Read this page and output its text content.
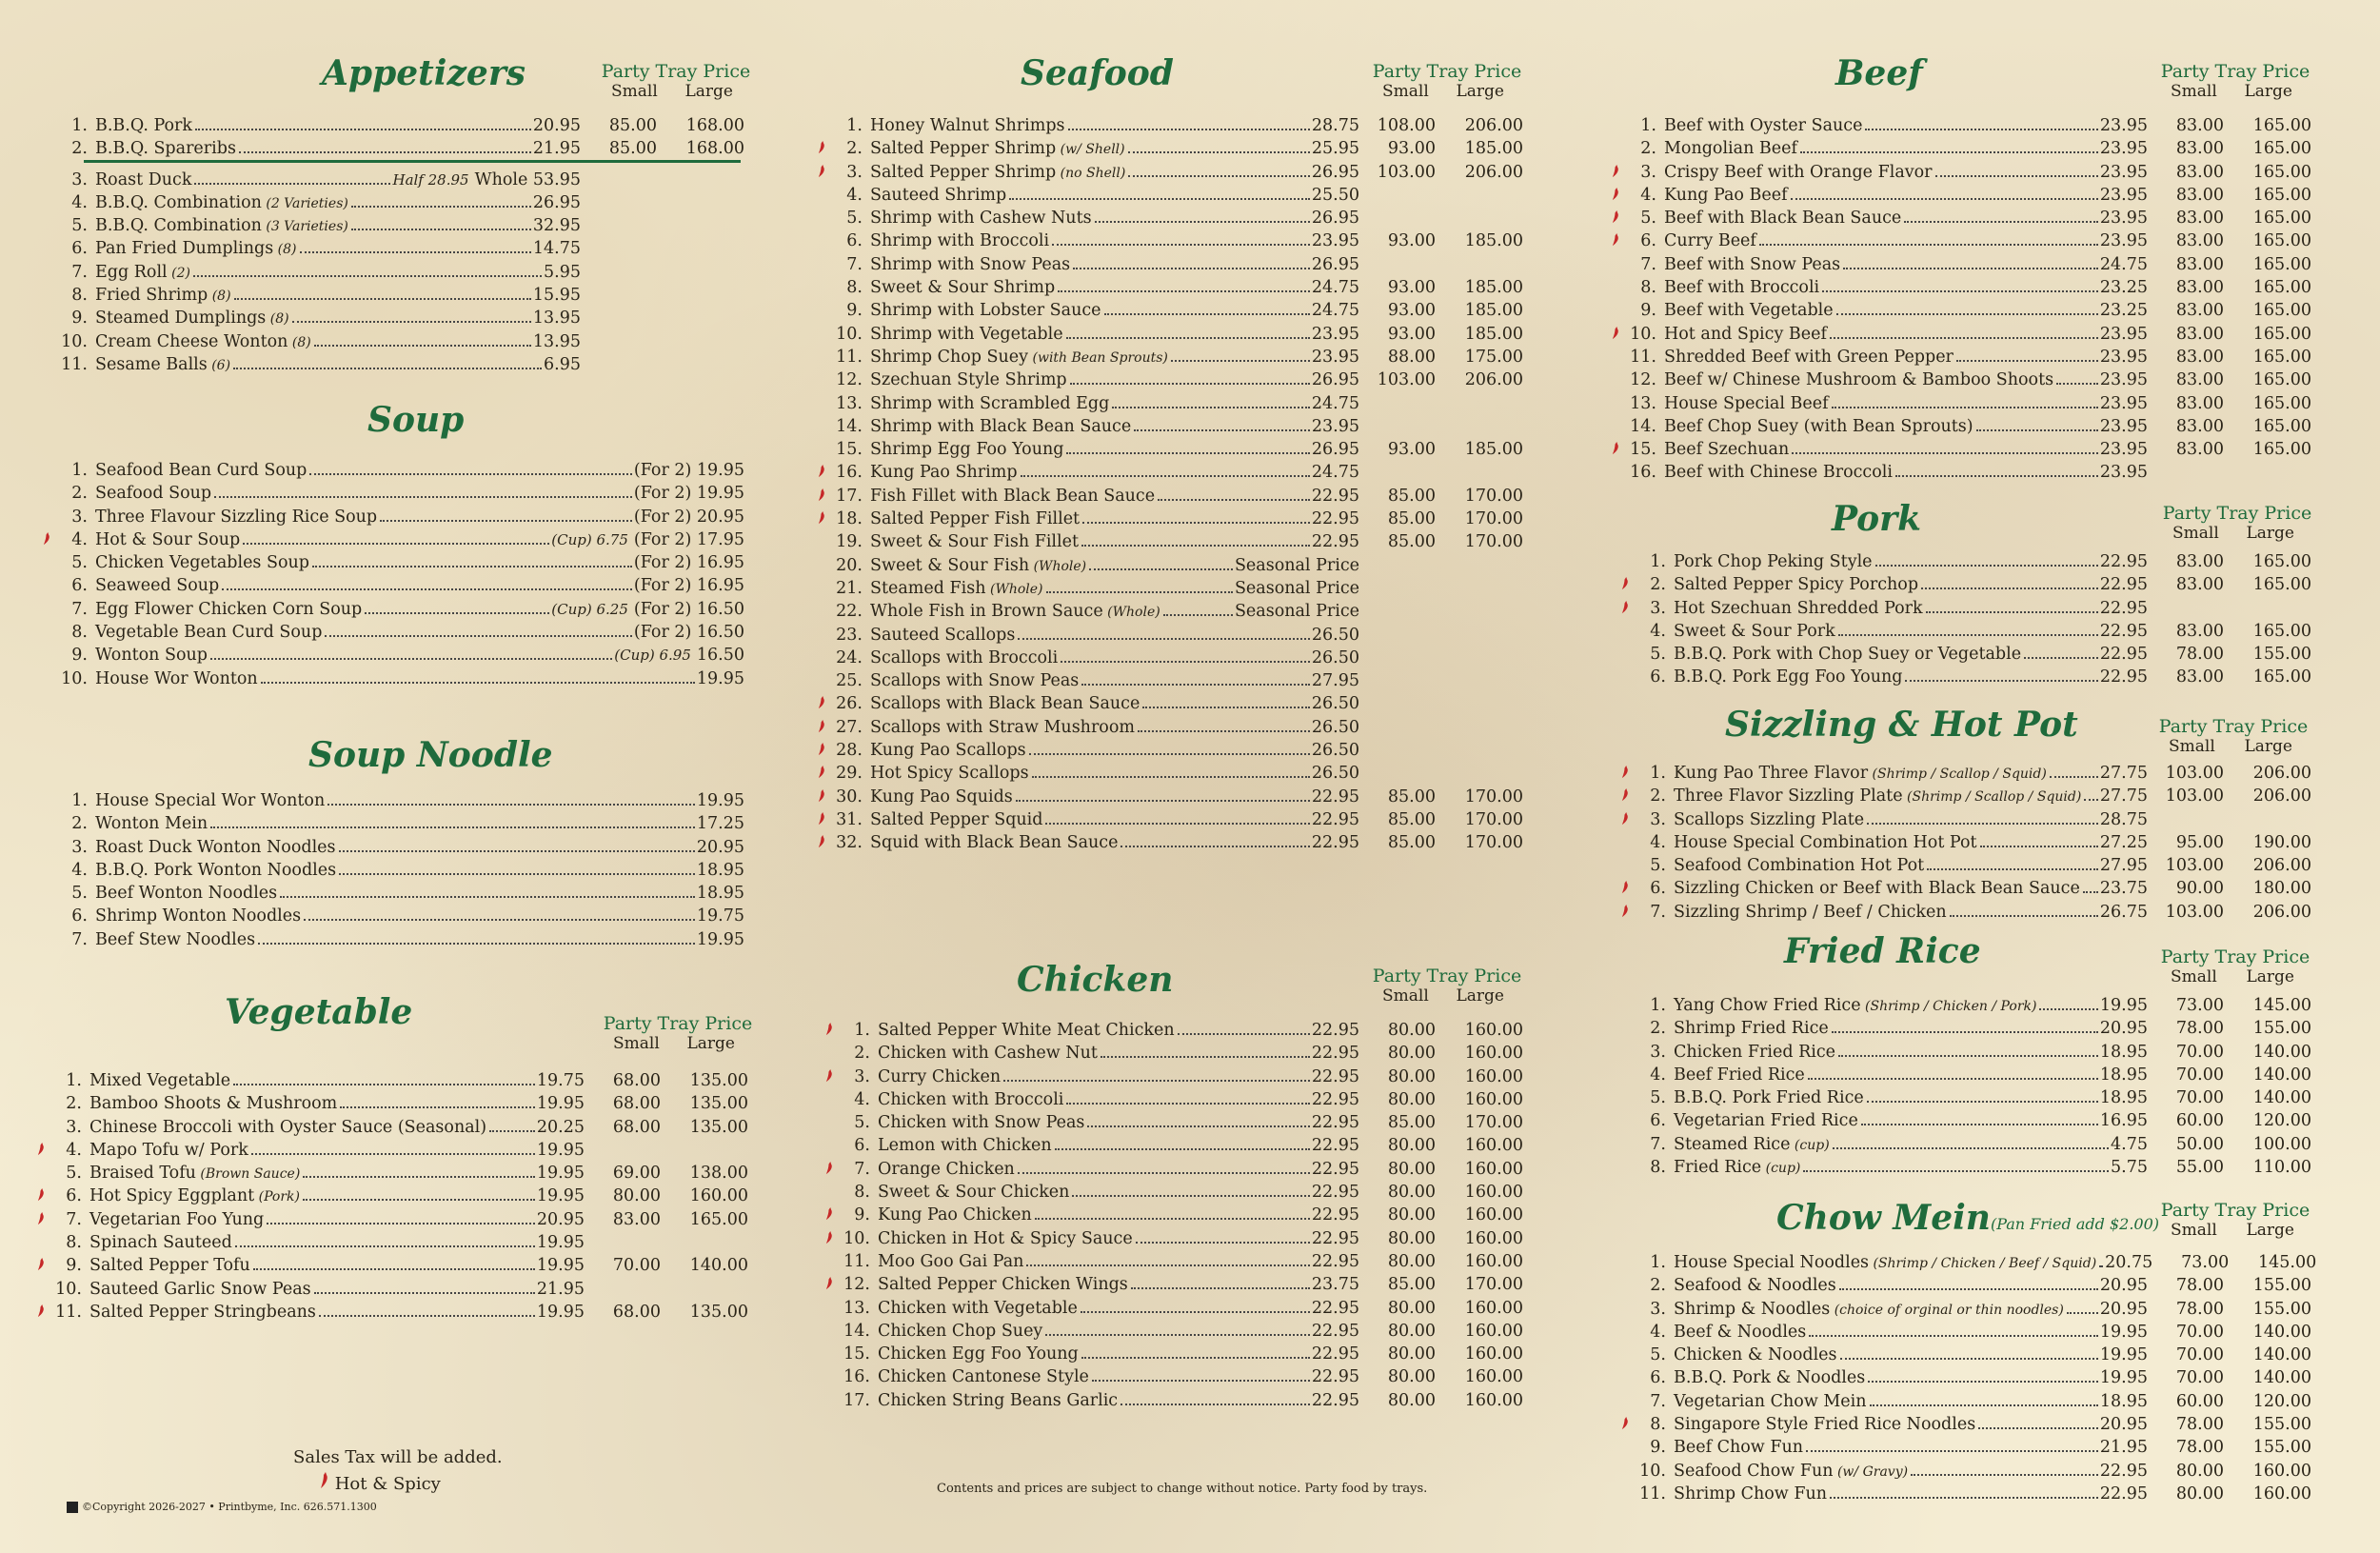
Appetizers	Party Tray Price
Small Large
1. B.B.Q. Pork	20.95	85.00	168.00
2. B.B.Q. Spareribs	21.95	85.00	168.00
3. Roast Duck	Half 28.95 Whole 53.95
4. B.B.Q. Combination (2 Varieties)	26.95
5. B.B.Q. Combination (3 Varieties)	32.95
6. Pan Fried Dumplings (8)	14.75
7. Egg Roll (2)	5.95
8. Fried Shrimp (8)	15.95
9. Steamed Dumplings (8)	13.95
10. Cream Cheese Wonton (8)	13.95
11. Sesame Balls (6)	6.95
Soup
1. Seafood Bean Curd Soup	(For 2) 19.95
2. Seafood Soup	(For 2) 19.95
3. Three Flavour Sizzling Rice Soup	(For 2) 20.95
4. Hot & Sour Soup	(Cup) 6.75 (For 2) 17.95
5. Chicken Vegetables Soup	(For 2) 16.95
6. Seaweed Soup	(For 2) 16.95
7. Egg Flower Chicken Corn Soup	(Cup) 6.25 (For 2) 16.50
8. Vegetable Bean Curd Soup	(For 2) 16.50
9. Wonton Soup	(Cup) 6.95 16.50
10. House Wor Wonton	19.95
Soup Noodle
1. House Special Wor Wonton	19.95
2. Wonton Mein	17.25
3. Roast Duck Wonton Noodles	20.95
4. B.B.Q. Pork Wonton Noodles	18.95
5. Beef Wonton Noodles	18.95
6. Shrimp Wonton Noodles	19.75
7. Beef Stew Noodles	19.95
Vegetable	Party Tray Price
Small Large
1. Mixed Vegetable	19.75	68.00	135.00
2. Bamboo Shoots & Mushroom	19.95	68.00	135.00
3. Chinese Broccoli with Oyster Sauce (Seasonal)	20.25	68.00	135.00
4. Mapo Tofu w/ Pork	19.95
5. Braised Tofu (Brown Sauce)	19.95	69.00	138.00
6. Hot Spicy Eggplant (Pork)	19.95	80.00	160.00
7. Vegetarian Foo Yung	20.95	83.00	165.00
8. Spinach Sauteed	19.95
9. Salted Pepper Tofu	19.95	70.00	140.00
10. Sauteed Garlic Snow Peas	21.95
11. Salted Pepper Stringbeans	19.95	68.00	135.00
Sales Tax will be added.
Hot & Spicy
©Copyright 2026-2027 • Printbyme, Inc. 626.571.1300
Seafood	Party Tray Price
Small Large
1. Honey Walnut Shrimps	28.75	108.00	206.00
2. Salted Pepper Shrimp (w/ Shell)	25.95	93.00	185.00
3. Salted Pepper Shrimp (no Shell)	26.95	103.00	206.00
4. Sauteed Shrimp	25.50
5. Shrimp with Cashew Nuts	26.95
6. Shrimp with Broccoli	23.95	93.00	185.00
7. Shrimp with Snow Peas	26.95
8. Sweet & Sour Shrimp	24.75	93.00	185.00
9. Shrimp with Lobster Sauce	24.75	93.00	185.00
10. Shrimp with Vegetable	23.95	93.00	185.00
11. Shrimp Chop Suey (with Bean Sprouts)	23.95	88.00	175.00
12. Szechuan Style Shrimp	26.95	103.00	206.00
13. Shrimp with Scrambled Egg	24.75
14. Shrimp with Black Bean Sauce	23.95
15. Shrimp Egg Foo Young	26.95	93.00	185.00
16. Kung Pao Shrimp	24.75
17. Fish Fillet with Black Bean Sauce	22.95	85.00	170.00
18. Salted Pepper Fish Fillet	22.95	85.00	170.00
19. Sweet & Sour Fish Fillet	22.95	85.00	170.00
20. Sweet & Sour Fish (Whole)	Seasonal Price
21. Steamed Fish (Whole)	Seasonal Price
22. Whole Fish in Brown Sauce (Whole)	Seasonal Price
23. Sauteed Scallops	26.50
24. Scallops with Broccoli	26.50
25. Scallops with Snow Peas	27.95
26. Scallops with Black Bean Sauce	26.50
27. Scallops with Straw Mushroom	26.50
28. Kung Pao Scallops	26.50
29. Hot Spicy Scallops	26.50
30. Kung Pao Squids	22.95	85.00	170.00
31. Salted Pepper Squid	22.95	85.00	170.00
32. Squid with Black Bean Sauce	22.95	85.00	170.00
Chicken	Party Tray Price
Small Large
1. Salted Pepper White Meat Chicken	22.95	80.00	160.00
2. Chicken with Cashew Nut	22.95	80.00	160.00
3. Curry Chicken	22.95	80.00	160.00
4. Chicken with Broccoli	22.95	80.00	160.00
5. Chicken with Snow Peas	22.95	85.00	170.00
6. Lemon with Chicken	22.95	80.00	160.00
7. Orange Chicken	22.95	80.00	160.00
8. Sweet & Sour Chicken	22.95	80.00	160.00
9. Kung Pao Chicken	22.95	80.00	160.00
10. Chicken in Hot & Spicy Sauce	22.95	80.00	160.00
11. Moo Goo Gai Pan	22.95	80.00	160.00
12. Salted Pepper Chicken Wings	23.75	85.00	170.00
13. Chicken with Vegetable	22.95	80.00	160.00
14. Chicken Chop Suey	22.95	80.00	160.00
15. Chicken Egg Foo Young	22.95	80.00	160.00
16. Chicken Cantonese Style	22.95	80.00	160.00
17. Chicken String Beans Garlic	22.95	80.00	160.00
Contents and prices are subject to change without notice. Party food by trays.
Beef	Party Tray Price
Small Large
1. Beef with Oyster Sauce	23.95	83.00	165.00
2. Mongolian Beef	23.95	83.00	165.00
3. Crispy Beef with Orange Flavor	23.95	83.00	165.00
4. Kung Pao Beef	23.95	83.00	165.00
5. Beef with Black Bean Sauce	23.95	83.00	165.00
6. Curry Beef	23.95	83.00	165.00
7. Beef with Snow Peas	24.75	83.00	165.00
8. Beef with Broccoli	23.25	83.00	165.00
9. Beef with Vegetable	23.25	83.00	165.00
10. Hot and Spicy Beef	23.95	83.00	165.00
11. Shredded Beef with Green Pepper	23.95	83.00	165.00
12. Beef w/ Chinese Mushroom & Bamboo Shoots	23.95	83.00	165.00
13. House Special Beef	23.95	83.00	165.00
14. Beef Chop Suey (with Bean Sprouts)	23.95	83.00	165.00
15. Beef Szechuan	23.95	83.00	165.00
16. Beef with Chinese Broccoli	23.95
Pork	Party Tray Price
Small Large
1. Pork Chop Peking Style	22.95	83.00	165.00
2. Salted Pepper Spicy Porchop	22.95	83.00	165.00
3. Hot Szechuan Shredded Pork	22.95
4. Sweet & Sour Pork	22.95	83.00	165.00
5. B.B.Q. Pork with Chop Suey or Vegetable	22.95	78.00	155.00
6. B.B.Q. Pork Egg Foo Young	22.95	83.00	165.00
Sizzling & Hot Pot	Party Tray Price
Small Large
1. Kung Pao Three Flavor (Shrimp / Scallop / Squid)	27.75	103.00	206.00
2. Three Flavor Sizzling Plate (Shrimp / Scallop / Squid) 27.75	103.00	206.00
3. Scallops Sizzling Plate	28.75
4. House Special Combination Hot Pot	27.25	95.00	190.00
5. Seafood Combination Hot Pot	27.95	103.00	206.00
6. Sizzling Chicken or Beef with Black Bean Sauce 23.75	90.00	180.00
7. Sizzling Shrimp / Beef / Chicken	26.75	103.00	206.00
Fried Rice	Party Tray Price
Small Large
1. Yang Chow Fried Rice (Shrimp / Chicken / Pork)	19.95	73.00	145.00
2. Shrimp Fried Rice	20.95	78.00	155.00
3. Chicken Fried Rice	18.95	70.00	140.00
4. Beef Fried Rice	18.95	70.00	140.00
5. B.B.Q. Pork Fried Rice	18.95	70.00	140.00
6. Vegetarian Fried Rice	16.95	60.00	120.00
7. Steamed Rice (cup)	4.75	50.00	100.00
8. Fried Rice (cup)	5.75	55.00	110.00
Chow Mein(Pan Fried add $2.00)
Party Tray Price
Small Large
1. House Special Noodles (Shrimp / Chicken / Beef / Squid) 20.75	73.00	145.00
2. Seafood & Noodles	20.95	78.00	155.00
3. Shrimp & Noodles (choice of orginal or thin noodles) 20.95	78.00	155.00
4. Beef & Noodles	19.95	70.00	140.00
5. Chicken & Noodles	19.95	70.00	140.00
6. B.B.Q. Pork & Noodles	19.95	70.00	140.00
7. Vegetarian Chow Mein	18.95	60.00	120.00
8. Singapore Style Fried Rice Noodles	20.95	78.00	155.00
9. Beef Chow Fun	21.95	78.00	155.00
10. Seafood Chow Fun (w/ Gravy)	22.95	80.00	160.00
11. Shrimp Chow Fun	22.95	80.00	160.00
